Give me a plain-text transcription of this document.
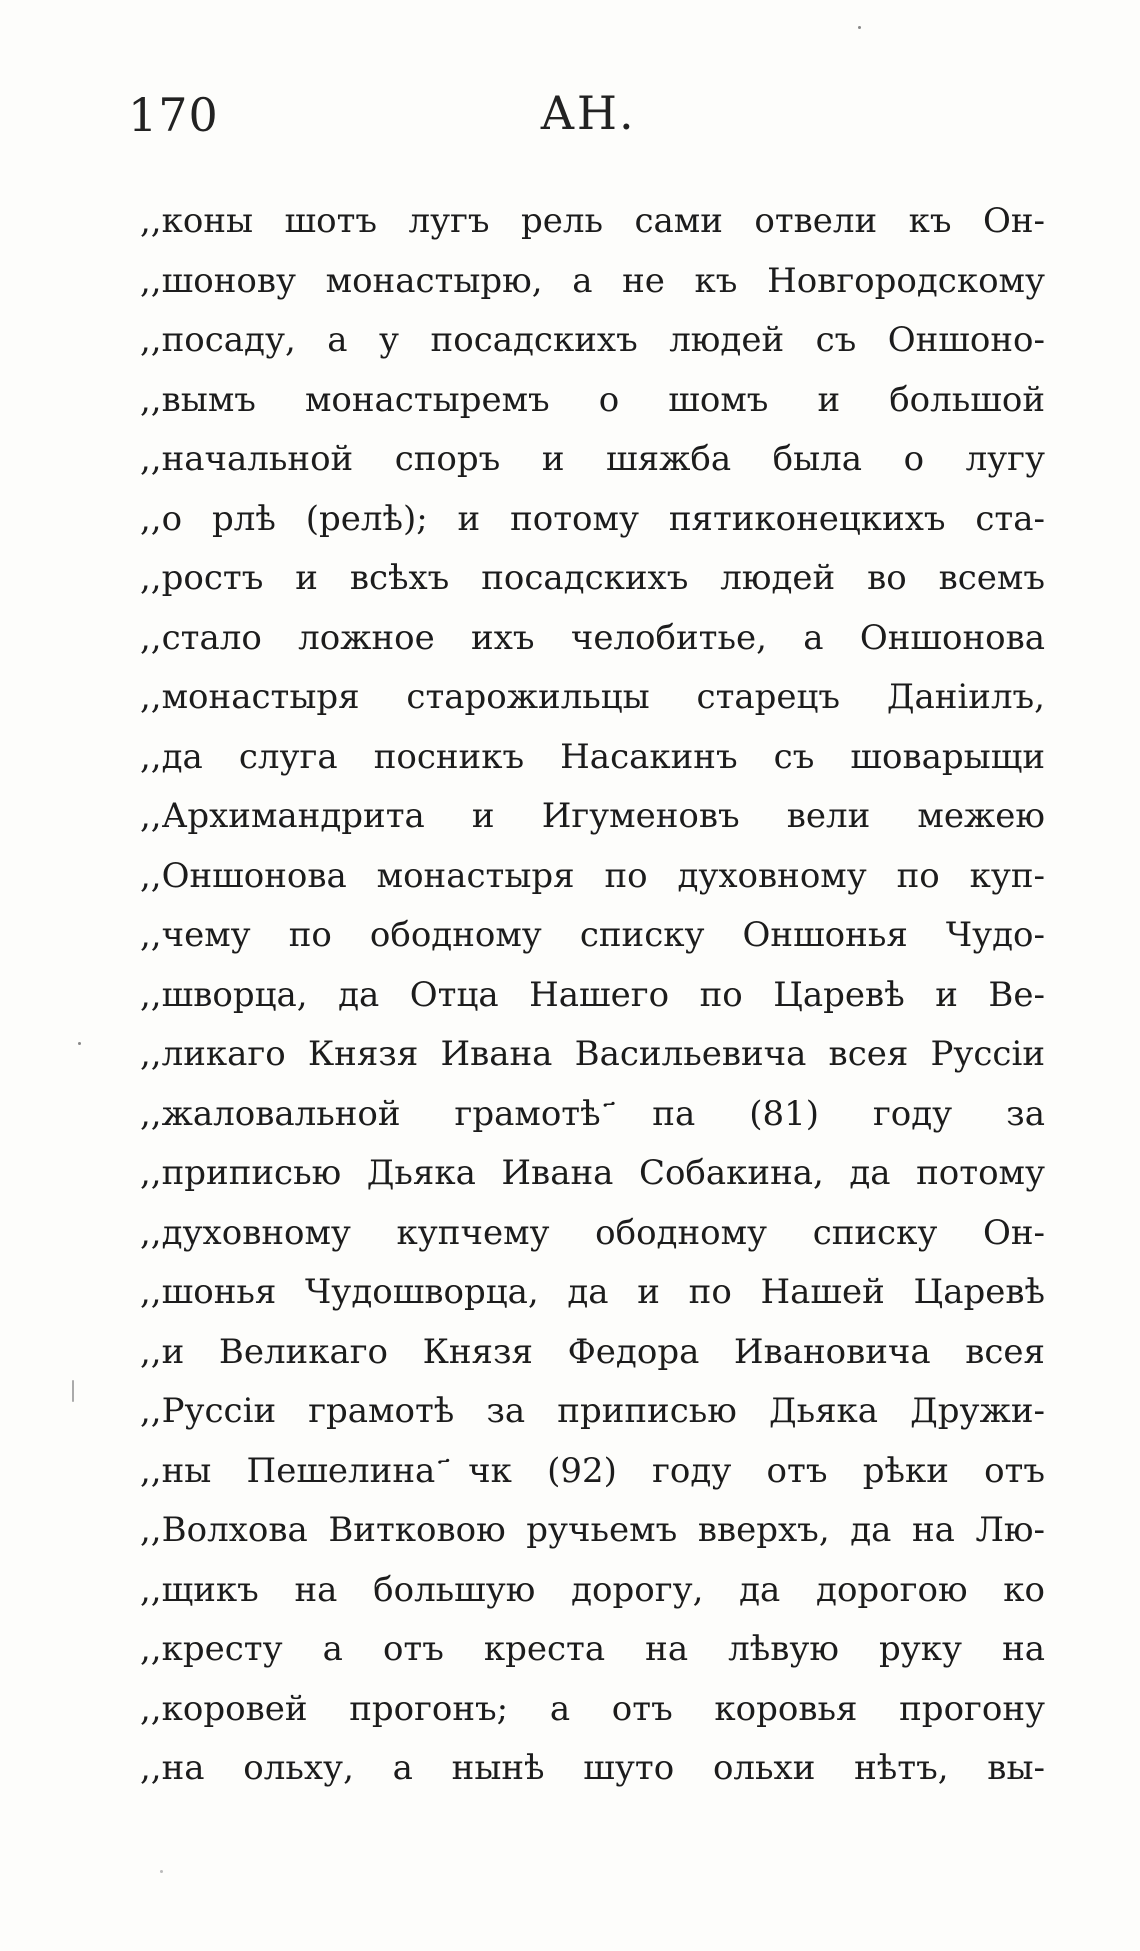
170	АН.
,,коны шотъ лугъ рель сами отвели къ Он-
,,шонову монастырю, а не къ Новгородскому
,,посаду, а у посадскихъ людей съ Оншоно-
,,вымъ монастыремъ о шомъ и большой
,,начальной споръ и шяжба была о лугу
,,о рлѣ (релѣ); и потому пятиконецкихъ ста-
,,ростъ и всѣхъ посадскихъ людей во всемъ
,,стало ложное ихъ челобитье, а Оншонова
,,монастыря старожильцы старецъ Даніилъ,
,,да слуга посникъ Насакинъ съ шоварыщи
,,Архимандрита и Игуменовъ вели межею
,,Оншонова монастыря по духовному по куп-
,,чему по ободному списку Оншонья Чудо-
,,шворца, да Отца Нашего по Царевѣ и Ве-
,,ликаго Князя Ивана Васильевича всея Руссіи
,,жаловальной грамотѣ ҃па (81) году за
,,приписью Дьяка Ивана Собакина, да потому
,,духовному купчему ободному списку Он-
,,шонья Чудошворца, да и по Нашей Царевѣ
,,и Великаго Князя Федора Ивановича всея
,,Руссіи грамотѣ за приписью Дьяка Дружи-
,,ны Пешелина ҃чк (92) году отъ рѣки отъ
,,Волхова Витковою ручьемъ вверхъ, да на Лю-
,,щикъ на большую дорогу, да дорогою ко
,,кресту а отъ креста на лѣвую руку на
,,коровей прогонъ; а отъ коровья прогону
,,на ольху, а нынѣ шуто ольхи нѣтъ, вы-
